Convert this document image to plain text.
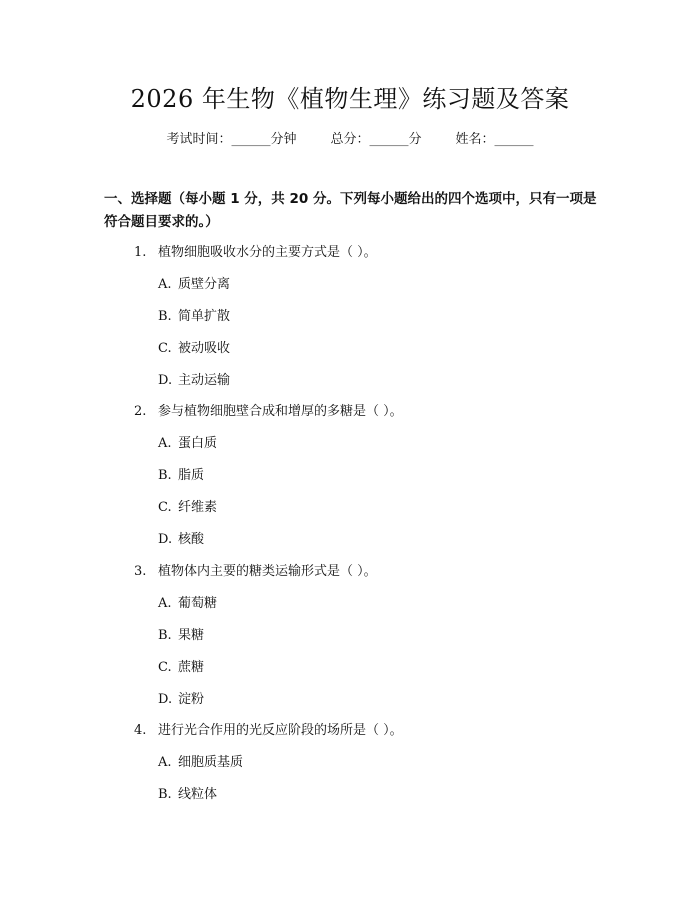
2026 年生物《植物生理》练习题及答案
考试时间：______分钟	总分：______分	姓名：______
一、选择题（每小题 1 分，共 20 分。下列每小题给出的四个选项中，只有一项是符合题目要求的。）
1. 植物细胞吸收水分的主要方式是（ ）。
A. 质壁分离
B. 简单扩散
C. 被动吸收
D. 主动运输
2. 参与植物细胞壁合成和增厚的多糖是（ ）。
A. 蛋白质
B. 脂质
C. 纤维素
D. 核酸
3. 植物体内主要的糖类运输形式是（ ）。
A. 葡萄糖
B. 果糖
C. 蔗糖
D. 淀粉
4. 进行光合作用的光反应阶段的场所是（ ）。
A. 细胞质基质
B. 线粒体
